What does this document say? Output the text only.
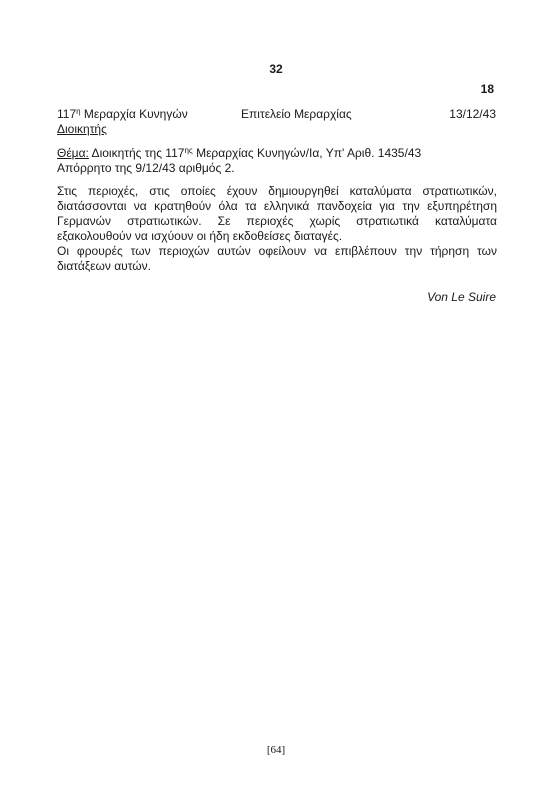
32
18
$117^\eta$ Μεραρχία Κυνηγών	Επιτελείο Μεραρχίας	13/12/43
Διοικητής
Θέμα: Διοικητής της $117^{\eta\varsigma}$ Μεραρχίας Κυνηγών/Ια, Υπ' Αριθ. 1435/43
Απόρρητο της 9/12/43 αριθμός 2.

Στις περιοχές, στις οποίες έχουν δημιουργηθεί καταλύματα στρατιωτικών, διατάσσονται να κρατηθούν όλα τα ελληνικά πανδοχεία για την εξυπηρέτηση Γερμανών στρατιωτικών. Σε περιοχές χωρίς στρατιωτικά καταλύματα εξακολουθούν να ισχύουν οι ήδη εκδοθείσες διαταγές.

Οι φρουρές των περιοχών αυτών οφείλουν να επιβλέπουν την τήρηση των διατάξεων αυτών.

Von Le Suire
[64]
